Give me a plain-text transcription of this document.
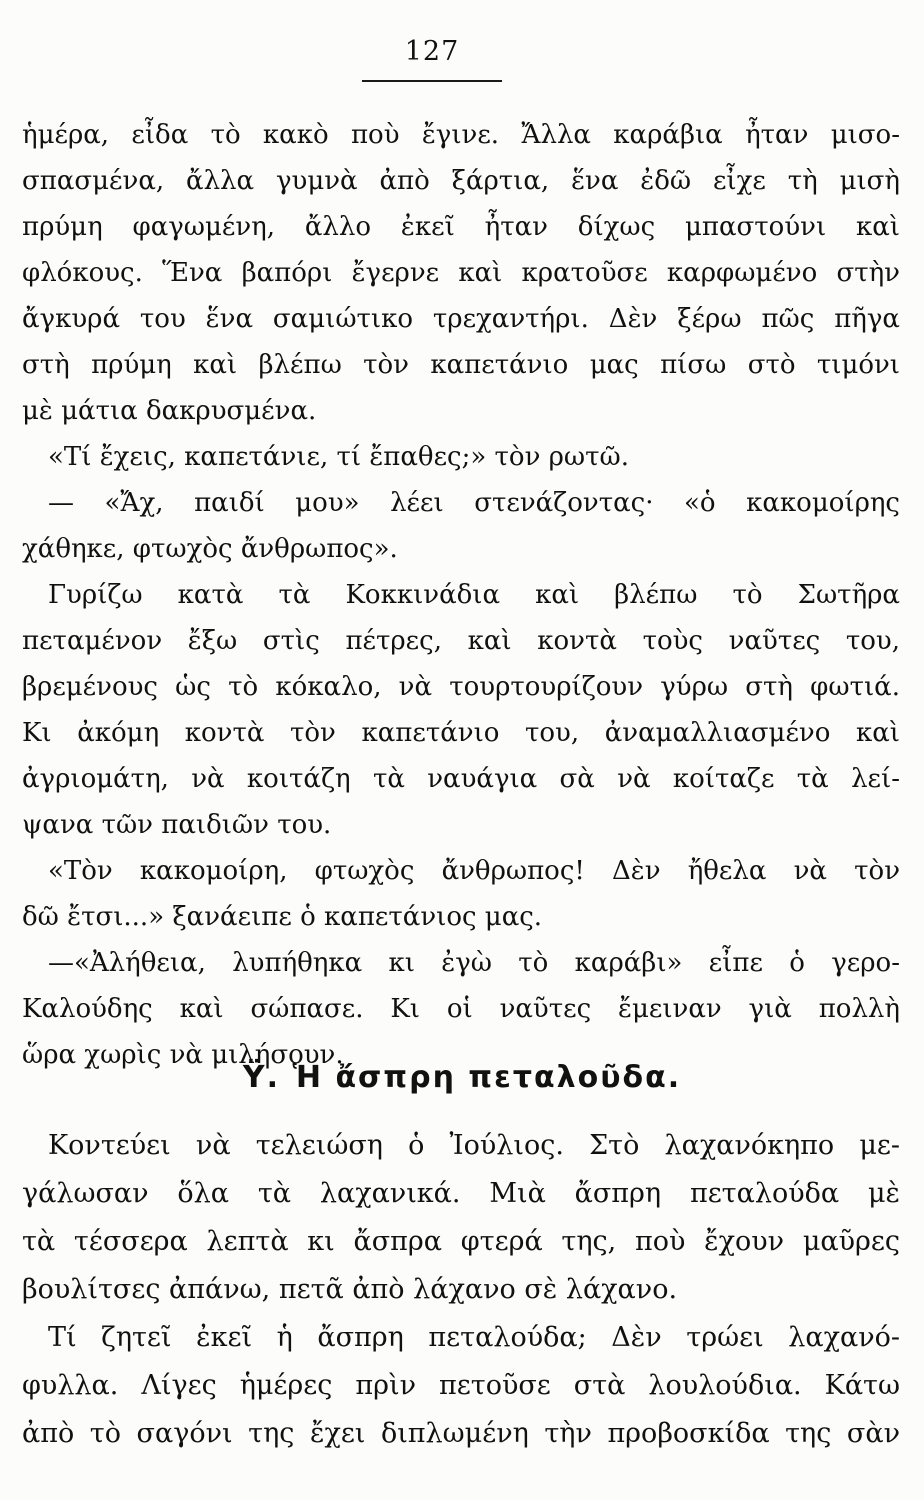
127
ἡμέρα, εἶδα τὸ κακὸ ποὺ ἔγινε. Ἄλλα καράβια ἦταν μισο-
σπασμένα, ἄλλα γυμνὰ ἀπὸ ξάρτια, ἕνα ἐδῶ εἶχε τὴ μισὴ
πρύμη φαγωμένη, ἄλλο ἐκεῖ ἦταν δίχως μπαστούνι καὶ
φλόκους. Ἕνα βαπόρι ἔγερνε καὶ κρατοῦσε καρφωμένο στὴν
ἄγκυρά του ἕνα σαμιώτικο τρεχαντήρι. Δὲν ξέρω πῶς πῆγα
στὴ πρύμη καὶ βλέπω τὸν καπετάνιο μας πίσω στὸ τιμόνι
μὲ μάτια δακρυσμένα.
«Τί ἔχεις, καπετάνιε, τί ἔπαθες;» τὸν ρωτῶ.
— «Ἄχ, παιδί μου» λέει στενάζοντας· «ὁ κακομοίρης
χάθηκε, φτωχὸς ἄνθρωπος».
Γυρίζω κατὰ τὰ Κοκκινάδια καὶ βλέπω τὸ Σωτῆρα
πεταμένον ἔξω στὶς πέτρες, καὶ κοντὰ τοὺς ναῦτες του,
βρεμένους ὡς τὸ κόκαλο, νὰ τουρτουρίζουν γύρω στὴ φωτιά.
Κι ἀκόμη κοντὰ τὸν καπετάνιο του, ἀναμαλλιασμένο καὶ
ἀγριομάτη, νὰ κοιτάζη τὰ ναυάγια σὰ νὰ κοίταζε τὰ λεί-
ψανα τῶν παιδιῶν του.
«Τὸν κακομοίρη, φτωχὸς ἄνθρωπος! Δὲν ἤθελα νὰ τὸν
δῶ ἔτσι...» ξανάειπε ὁ καπετάνιος μας.
—«Ἀλήθεια, λυπήθηκα κι ἐγὼ τὸ καράβι» εἶπε ὁ γερο-
Καλούδης καὶ σώπασε. Κι οἱ ναῦτες ἔμειναν γιὰ πολλὴ
ὥρα χωρὶς νὰ μιλήσουν.
Ϋ. Ἡ ἄσπρη πεταλοῦδα.
Κοντεύει νὰ τελειώση ὁ Ἰούλιος. Στὸ λαχανόκηπο με-
γάλωσαν ὅλα τὰ λαχανικά. Μιὰ ἄσπρη πεταλούδα μὲ
τὰ τέσσερα λεπτὰ κι ἄσπρα φτερά της, ποὺ ἔχουν μαῦρες
βουλίτσες ἀπάνω, πετᾶ ἀπὸ λάχανο σὲ λάχανο.
Τί ζητεῖ ἐκεῖ ἡ ἄσπρη πεταλούδα; Δὲν τρώει λαχανό-
φυλλα. Λίγες ἡμέρες πρὶν πετοῦσε στὰ λουλούδια. Κάτω
ἀπὸ τὸ σαγόνι της ἔχει διπλωμένη τὴν προβοσκίδα της σὰν
